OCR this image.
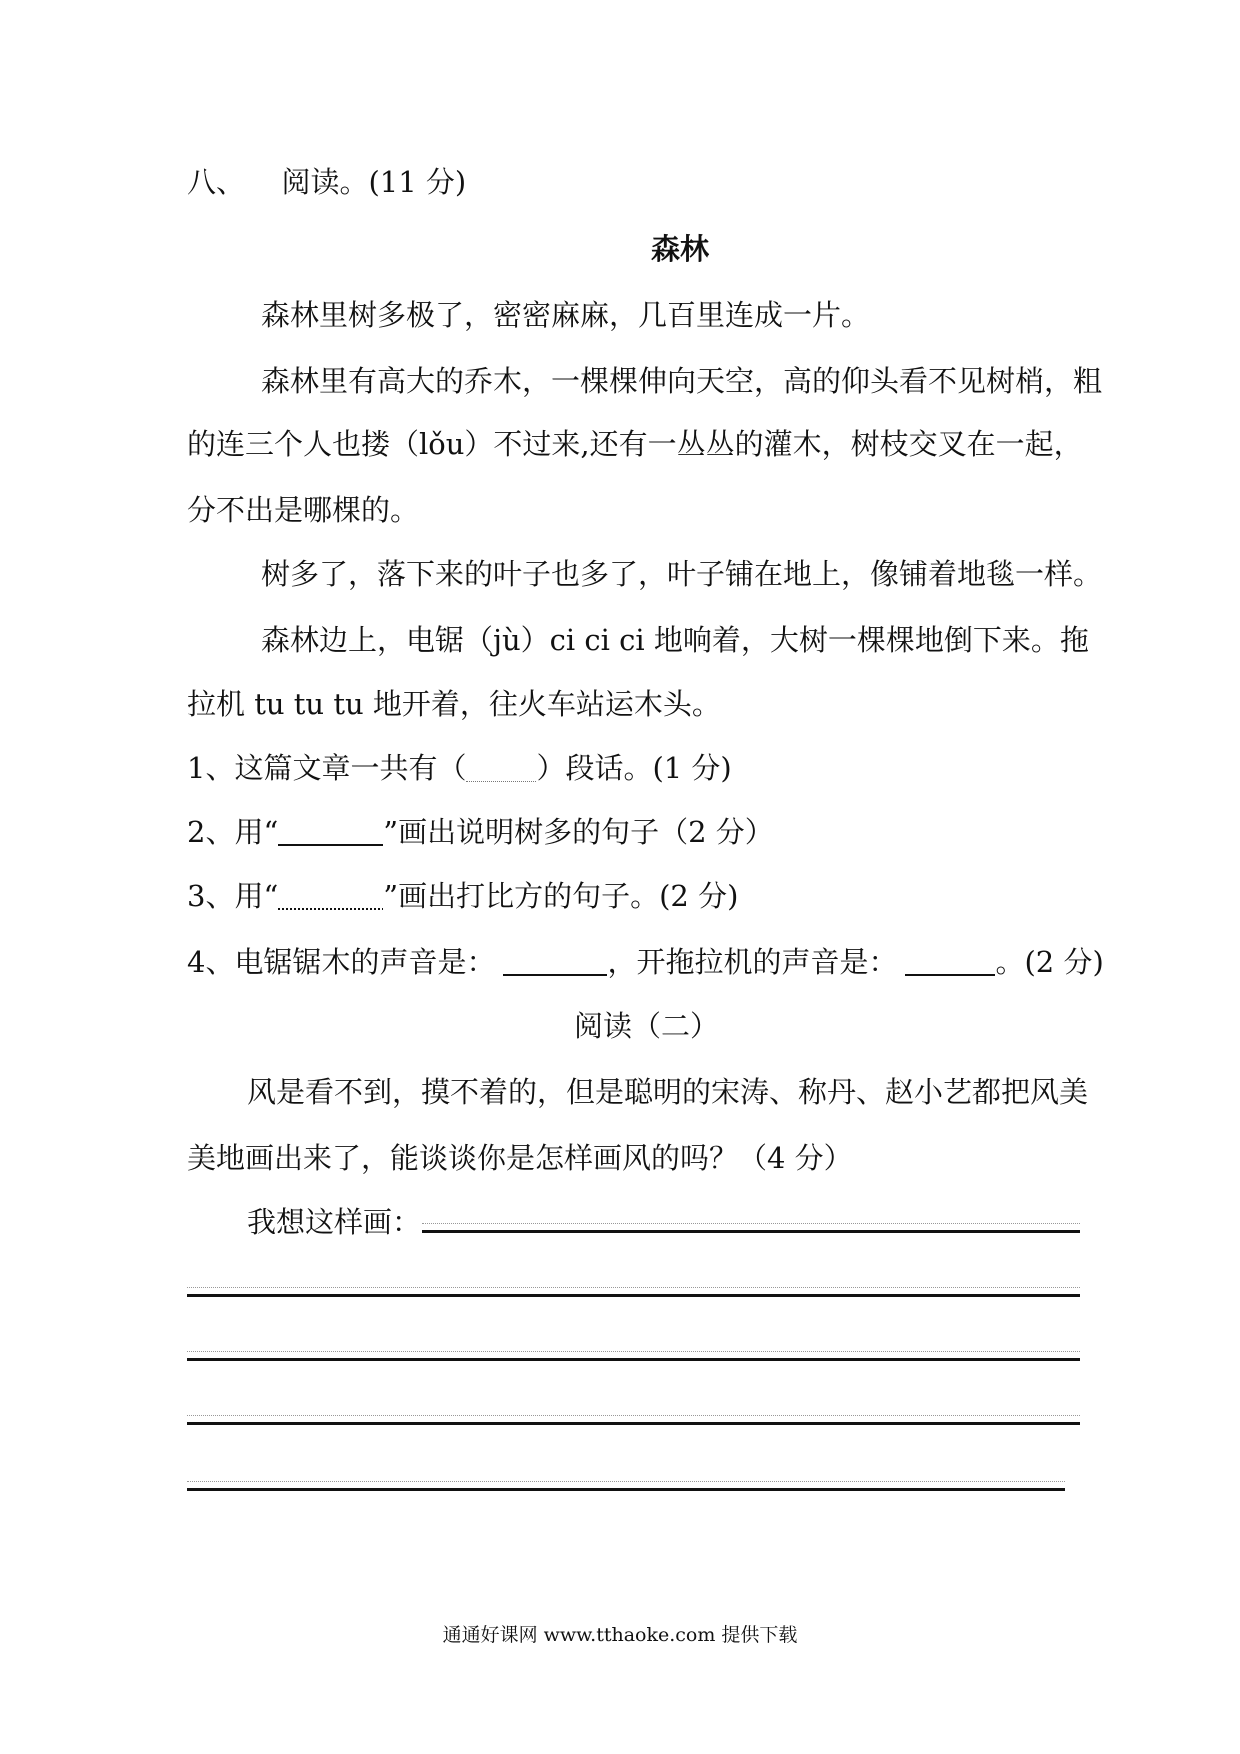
八、 阅读。(11 分)
森林
森林里树多极了，密密麻麻，几百里连成一片。
森林里有高大的乔木，一棵棵伸向天空，高的仰头看不见树梢，粗
的连三个人也搂（lǒu）不过来,还有一丛丛的灌木，树枝交叉在一起，
分不出是哪棵的。
树多了，落下来的叶子也多了，叶子铺在地上，像铺着地毯一样。
森林边上，电锯（jù）ci ci ci 地响着，大树一棵棵地倒下来。拖
拉机 tu tu tu 地开着，往火车站运木头。
1、这篇文章一共有（ ）段话。(1 分)
2、用“	”画出说明树多的句子（2 分）
3、用“	”画出打比方的句子。(2 分)
4、电锯锯木的声音是：	，开拖拉机的声音是：	。(2 分)
阅读（二）
风是看不到，摸不着的，但是聪明的宋涛、称丹、赵小艺都把风美
美地画出来了，能谈谈你是怎样画风的吗？（4 分）
我想这样画：
通通好课网 www.tthaoke.com 提供下载
